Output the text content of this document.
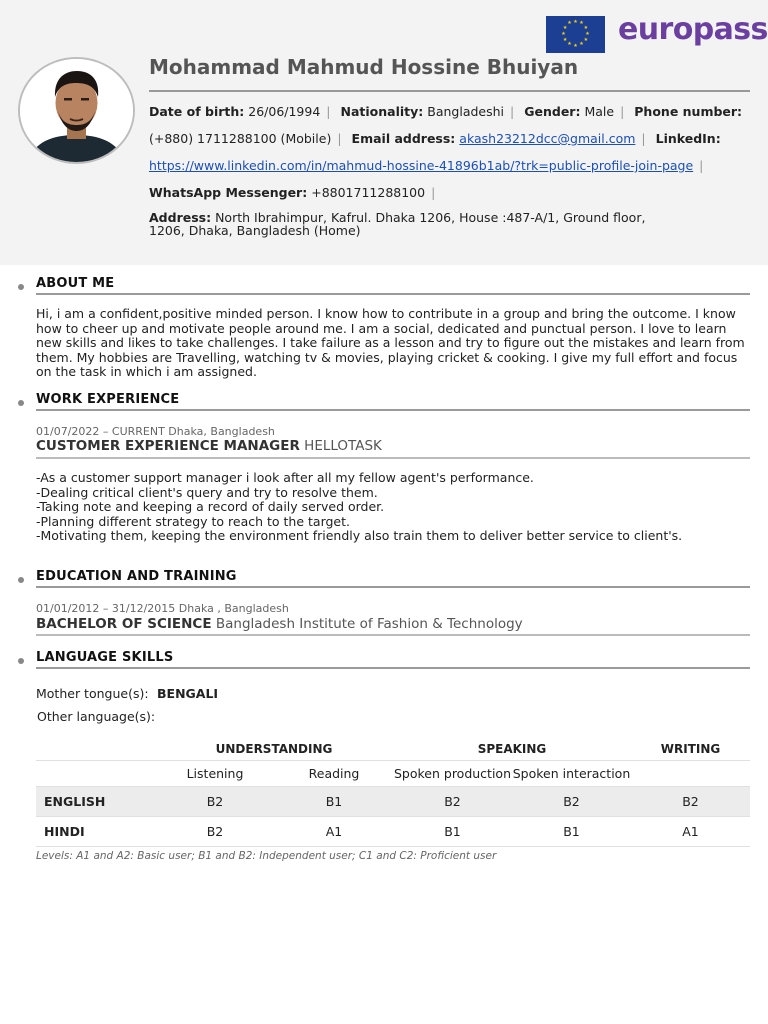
★ ★
★
★
★
★
★
★
★
★
★
★ europass
Mohammad Mahmud Hossine Bhuiyan
Date of birth: 26/06/1994 | Nationality: Bangladeshi | Gender: Male | Phone number:
(+880) 1711288100 (Mobile) | Email address: akash23212dcc@gmail.com | LinkedIn:
https://www.linkedin.com/in/mahmud-hossine-41896b1ab/?trk=public-profile-join-page |
WhatsApp Messenger: +8801711288100 |
Address: North Ibrahimpur, Kafrul. Dhaka 1206, House :487-A/1, Ground floor,
1206, Dhaka, Bangladesh (Home)
ABOUT ME
Hi, i am a confident,positive minded person. I know how to contribute in a group and bring the outcome. I know how to cheer up and motivate people around me. I am a social, dedicated and punctual person. I love to learn new skills and likes to take challenges. I take failure as a lesson and try to figure out the mistakes and learn from them. My hobbies are Travelling, watching tv & movies, playing cricket & cooking. I give my full effort and focus on the task in which i am assigned.
WORK EXPERIENCE
01/07/2022 – CURRENT Dhaka, Bangladesh
CUSTOMER EXPERIENCE MANAGER HELLOTASK
-As a customer support manager i look after all my fellow agent's performance.
-Dealing critical client's query and try to resolve them.
-Taking note and keeping a record of daily served order.
-Planning different strategy to reach to the target.
-Motivating them, keeping the environment friendly also train them to deliver better service to client's.
EDUCATION AND TRAINING
01/01/2012 – 31/12/2015 Dhaka , Bangladesh
BACHELOR OF SCIENCE Bangladesh Institute of Fashion & Technology
LANGUAGE SKILLS
Mother tongue(s): BENGALI
Other language(s):
	UNDERSTANDING		SPEAKING		WRITING
	Listening	Reading	Spoken production	Spoken interaction	
ENGLISH	B2	B1	B2	B2	B2
HINDI	B2	A1	B1	B1	A1
Levels: A1 and A2: Basic user; B1 and B2: Independent user; C1 and C2: Proficient user
